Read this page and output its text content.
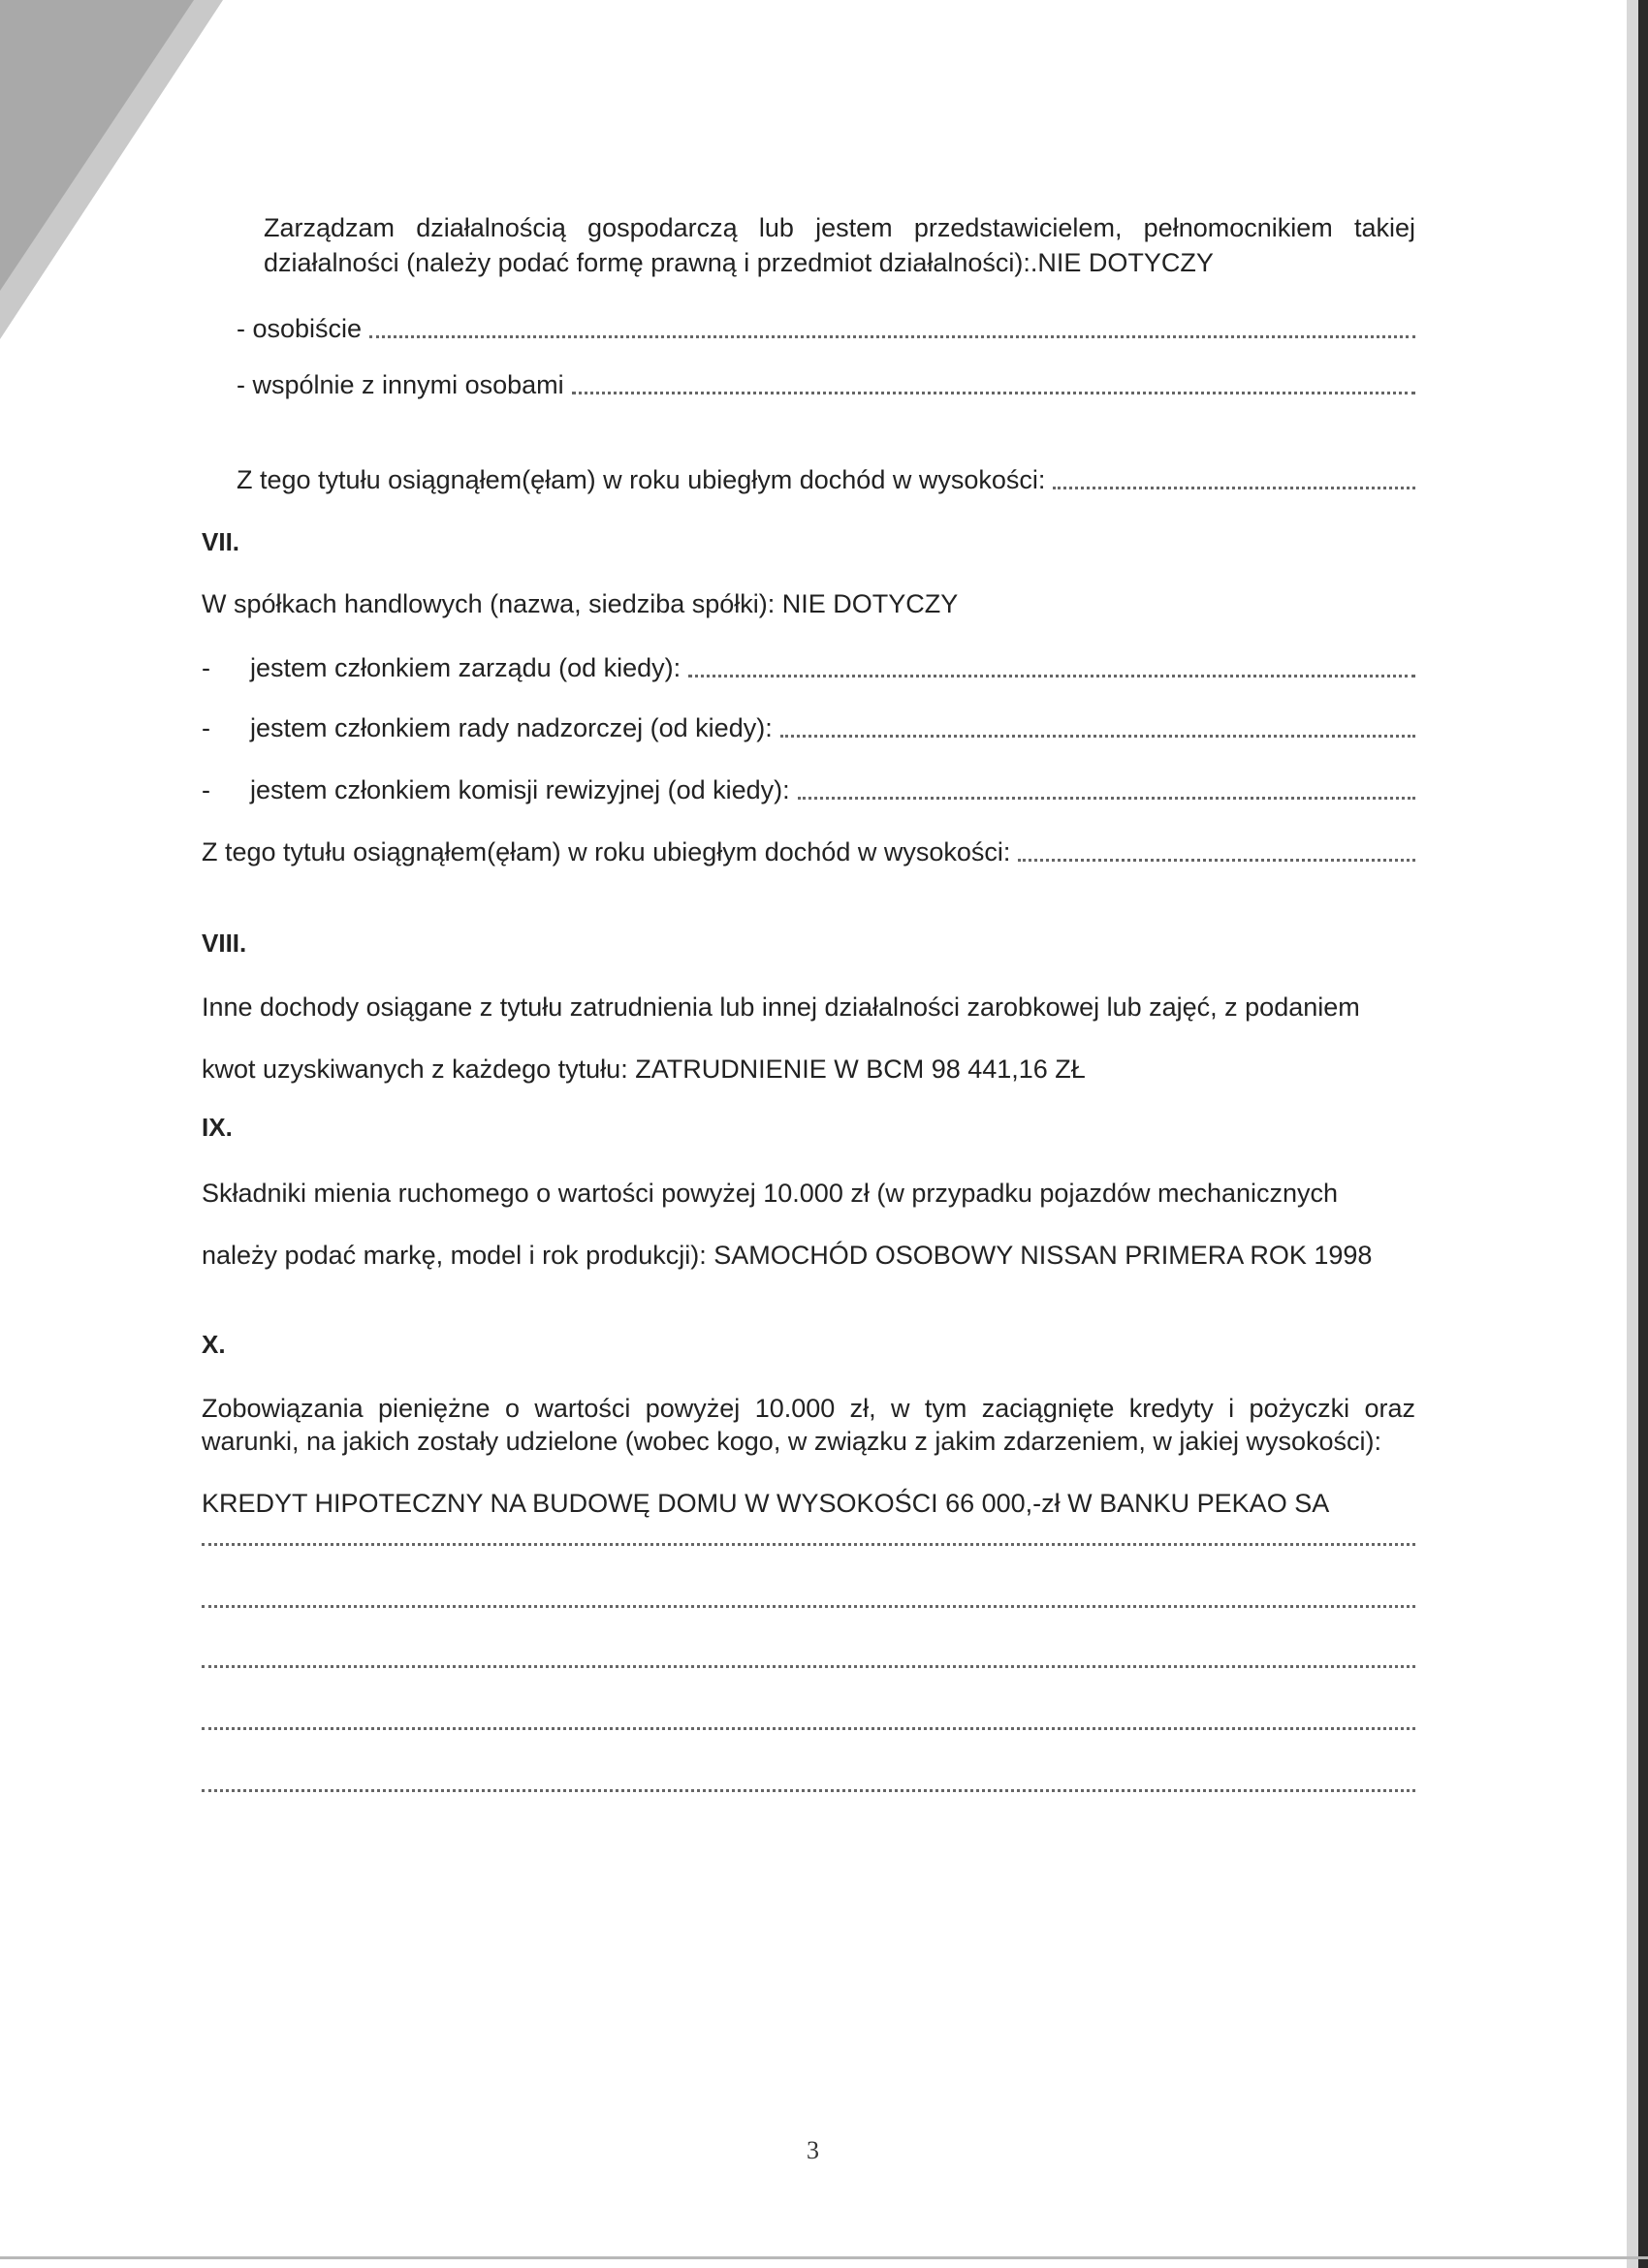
Zarządzam działalnością gospodarczą lub jestem przedstawicielem, pełnomocnikiem takiej
działalności (należy podać formę prawną i przedmiot działalności):.NIE DOTYCZY
- osobiście
- wspólnie z innymi osobami
Z tego tytułu osiągnąłem(ęłam) w roku ubiegłym dochód w wysokości:
VII.
W spółkach handlowych (nazwa, siedziba spółki): NIE DOTYCZY
- jestem członkiem zarządu (od kiedy):
- jestem członkiem rady nadzorczej (od kiedy):
- jestem członkiem komisji rewizyjnej (od kiedy):
Z tego tytułu osiągnąłem(ęłam) w roku ubiegłym dochód w wysokości:
VIII.
Inne dochody osiągane z tytułu zatrudnienia lub innej działalności zarobkowej lub zajęć, z podaniem
kwot uzyskiwanych z każdego tytułu: ZATRUDNIENIE W BCM 98 441,16 ZŁ
IX.
Składniki mienia ruchomego o wartości powyżej 10.000 zł (w przypadku pojazdów mechanicznych
należy podać markę, model i rok produkcji): SAMOCHÓD OSOBOWY NISSAN PRIMERA ROK 1998
X.
Zobowiązania pieniężne o wartości powyżej 10.000 zł, w tym zaciągnięte kredyty i pożyczki oraz
warunki, na jakich zostały udzielone (wobec kogo, w związku z jakim zdarzeniem, w jakiej wysokości):
KREDYT HIPOTECZNY NA BUDOWĘ DOMU W WYSOKOŚCI 66 000,-zł W BANKU PEKAO SA
3
